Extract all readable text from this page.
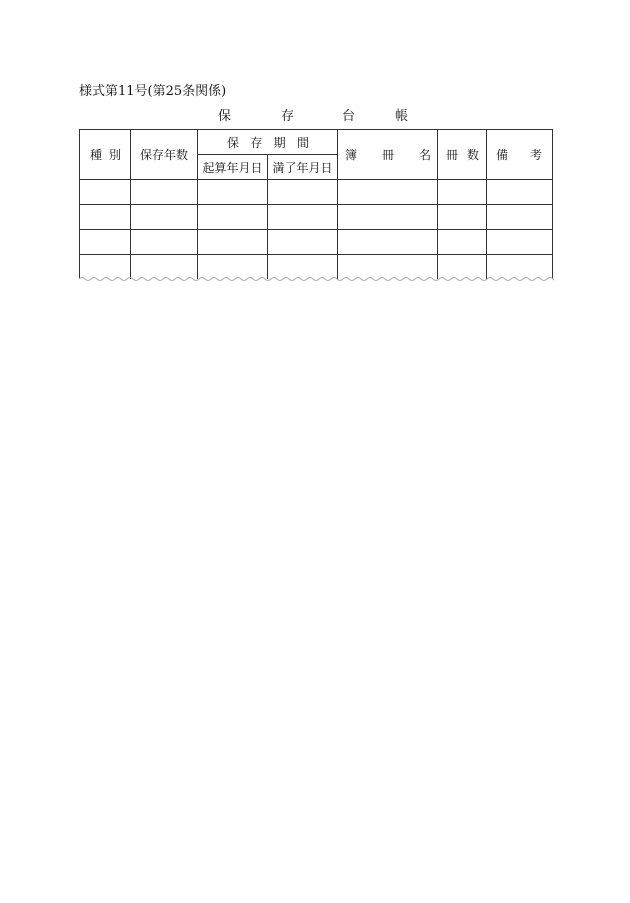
様式第11号(第25条関係)
保	存	台	帳
種 別	保存年数	保 存 期 間		簿 冊 名	冊 数	備 考

		起算年月日	満了年月日			
